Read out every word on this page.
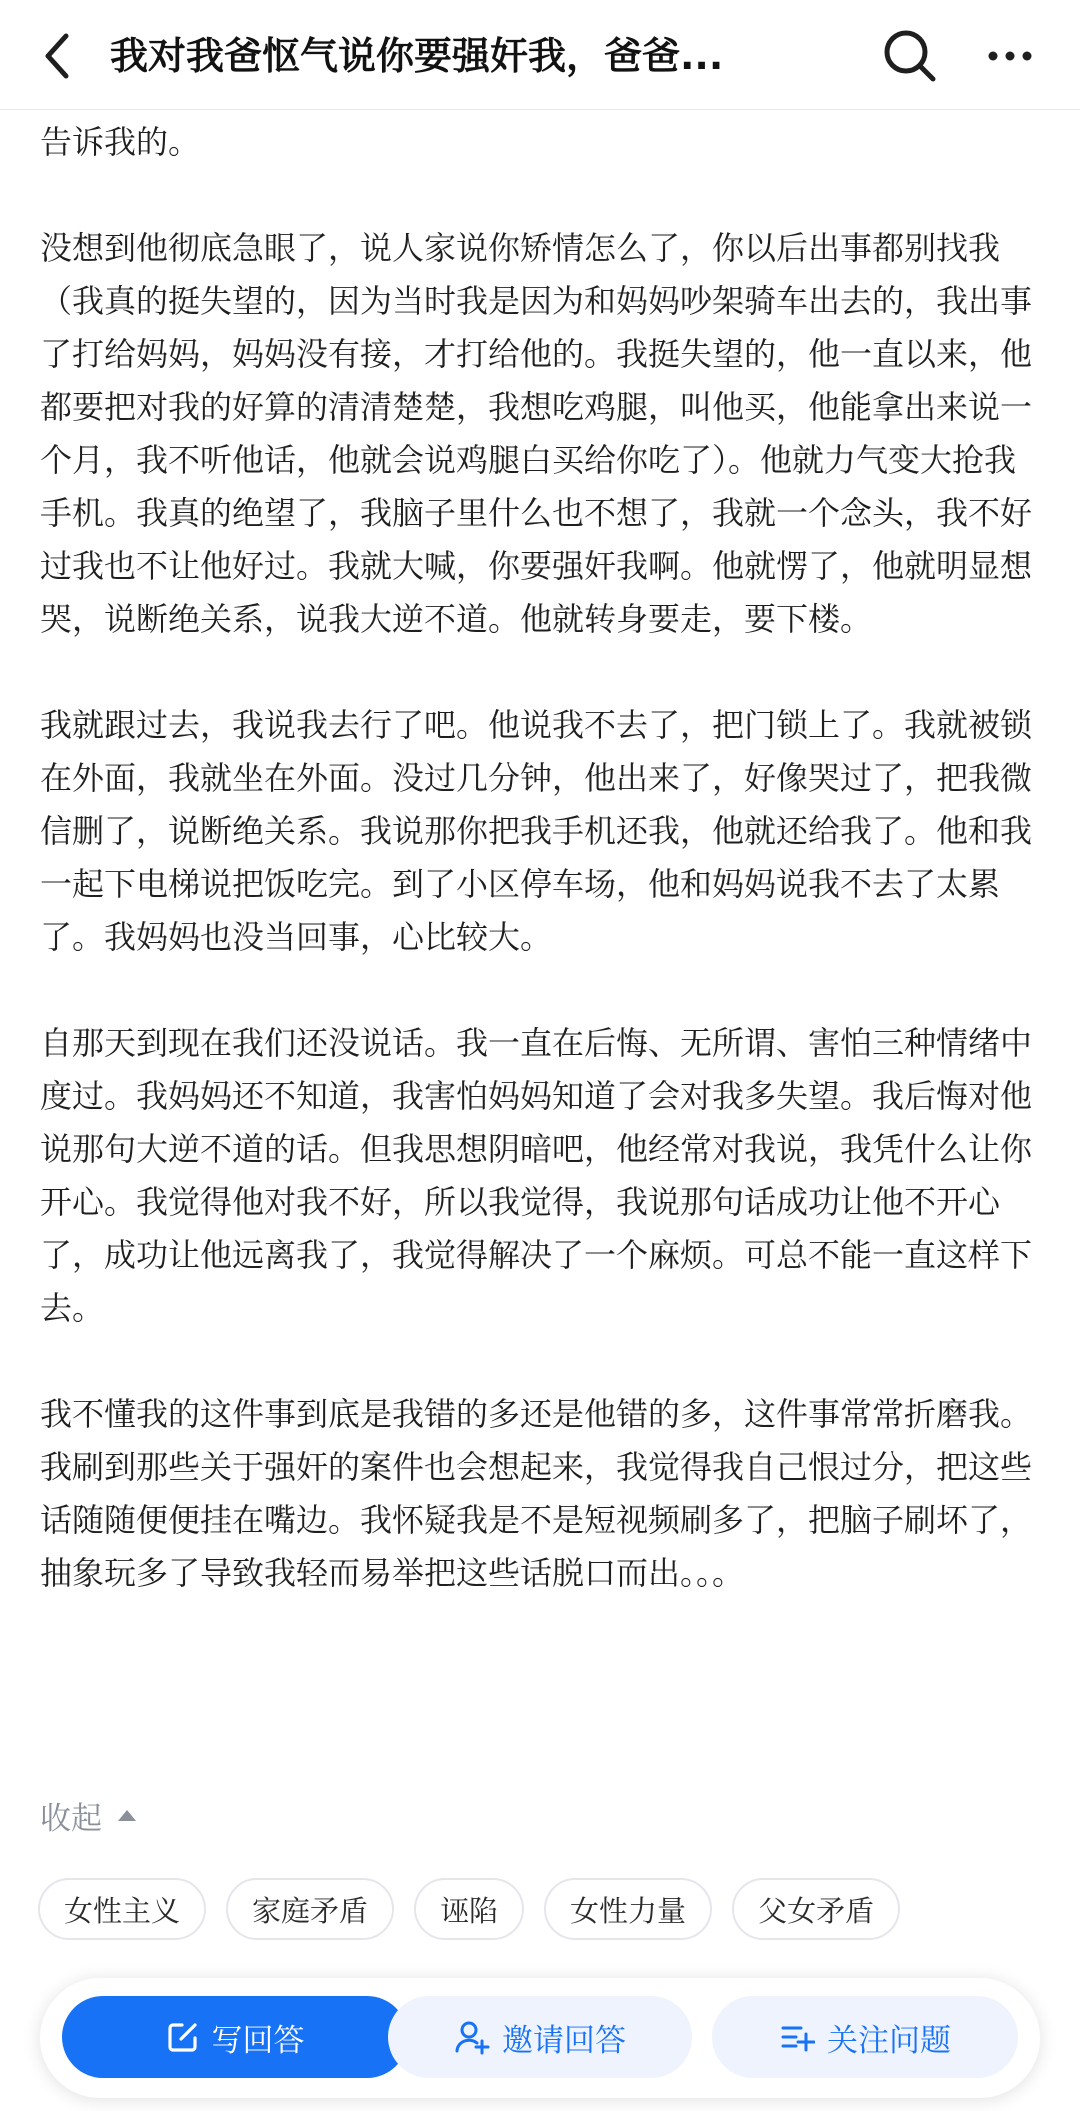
我对我爸怄气说你要强奸我，爸爸...

告诉我的。

没想到他彻底急眼了，说人家说你矫情怎么了，你以后出事都别找我（我真的挺失望的，因为当时我是因为和妈妈吵架骑车出去的，我出事了打给妈妈，妈妈没有接，才打给他的。我挺失望的，他一直以来，他都要把对我的好算的清清楚楚，我想吃鸡腿，叫他买，他能拿出来说一个月，我不听他话，他就会说鸡腿白买给你吃了）。他就力气变大抢我手机。我真的绝望了，我脑子里什么也不想了，我就一个念头，我不好过我也不让他好过。我就大喊，你要强奸我啊。他就愣了，他就明显想哭，说断绝关系，说我大逆不道。他就转身要走，要下楼。

我就跟过去，我说我去行了吧。他说我不去了，把门锁上了。我就被锁在外面，我就坐在外面。没过几分钟，他出来了，好像哭过了，把我微信删了，说断绝关系。我说那你把我手机还我，他就还给我了。他和我一起下电梯说把饭吃完。到了小区停车场，他和妈妈说我不去了太累了。我妈妈也没当回事，心比较大。

自那天到现在我们还没说话。我一直在后悔、无所谓、害怕三种情绪中度过。我妈妈还不知道，我害怕妈妈知道了会对我多失望。我后悔对他说那句大逆不道的话。但我思想阴暗吧，他经常对我说，我凭什么让你开心。我觉得他对我不好，所以我觉得，我说那句话成功让他不开心了，成功让他远离我了，我觉得解决了一个麻烦。可总不能一直这样下去。

我不懂我的这件事到底是我错的多还是他错的多，这件事常常折磨我。我刷到那些关于强奸的案件也会想起来，我觉得我自己恨过分，把这些话随随便便挂在嘴边。我怀疑我是不是短视频刷多了，把脑子刷坏了，抽象玩多了导致我轻而易举把这些话脱口而出。。。

收起
女性主义	家庭矛盾	诬陷	女性力量	父女矛盾
写回答	邀请回答	关注问题
